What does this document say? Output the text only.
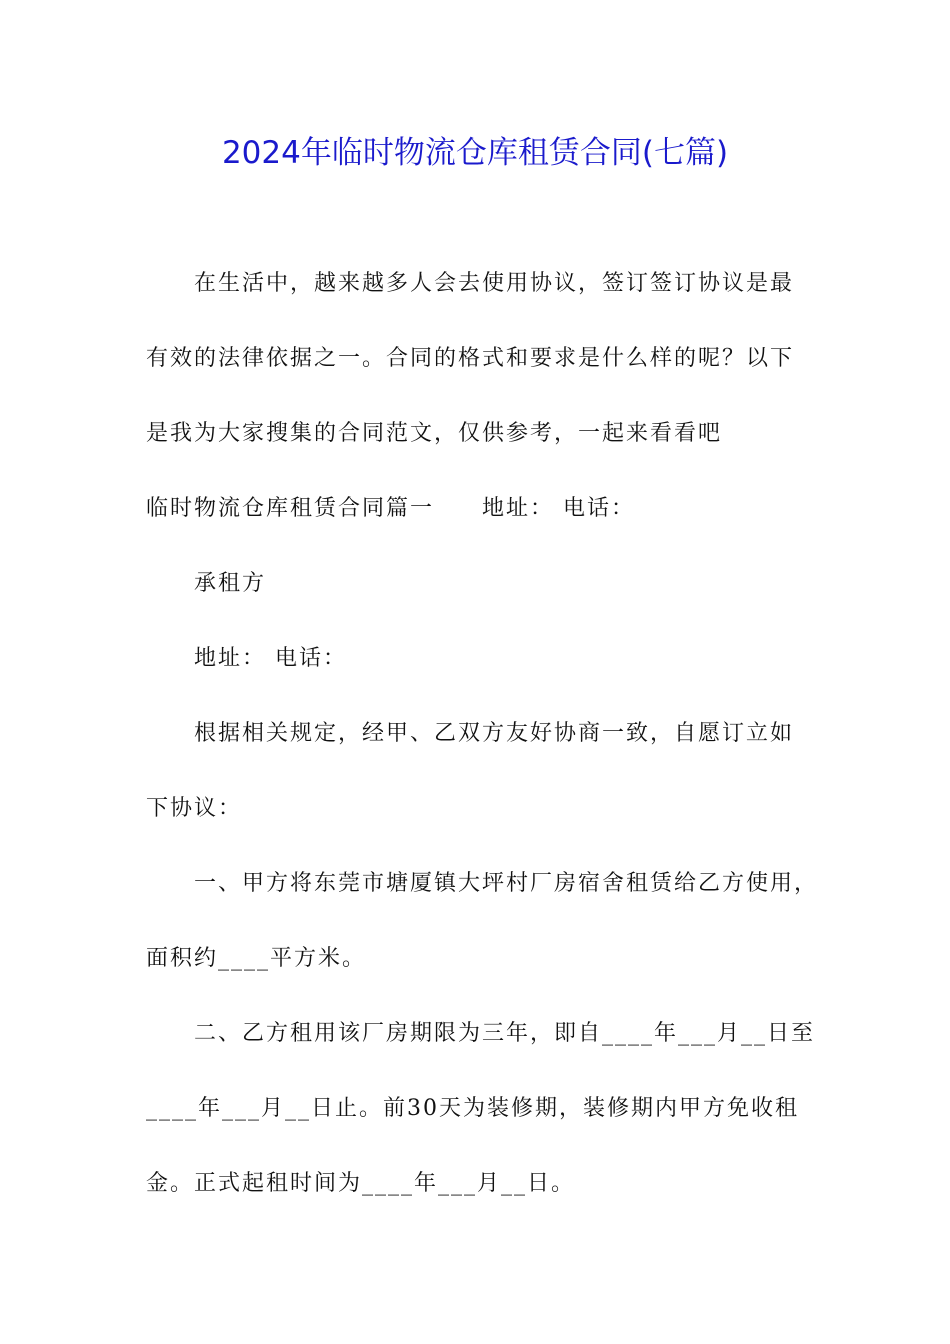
2024年临时物流仓库租赁合同(七篇)
在生活中，越来越多人会去使用协议，签订签订协议是最
有效的法律依据之一。合同的格式和要求是什么样的呢？以下
是我为大家搜集的合同范文，仅供参考，一起来看看吧
临时物流仓库租赁合同篇一 地址： 电话：
承租方
地址： 电话：
根据相关规定，经甲、乙双方友好协商一致，自愿订立如
下协议：
一、甲方将东莞市塘厦镇大坪村厂房宿舍租赁给乙方使用，
面积约____平方米。
二、乙方租用该厂房期限为三年，即自____年___月__日至
____年___月__日止。前30天为装修期，装修期内甲方免收租
金。正式起租时间为____年___月__日。
